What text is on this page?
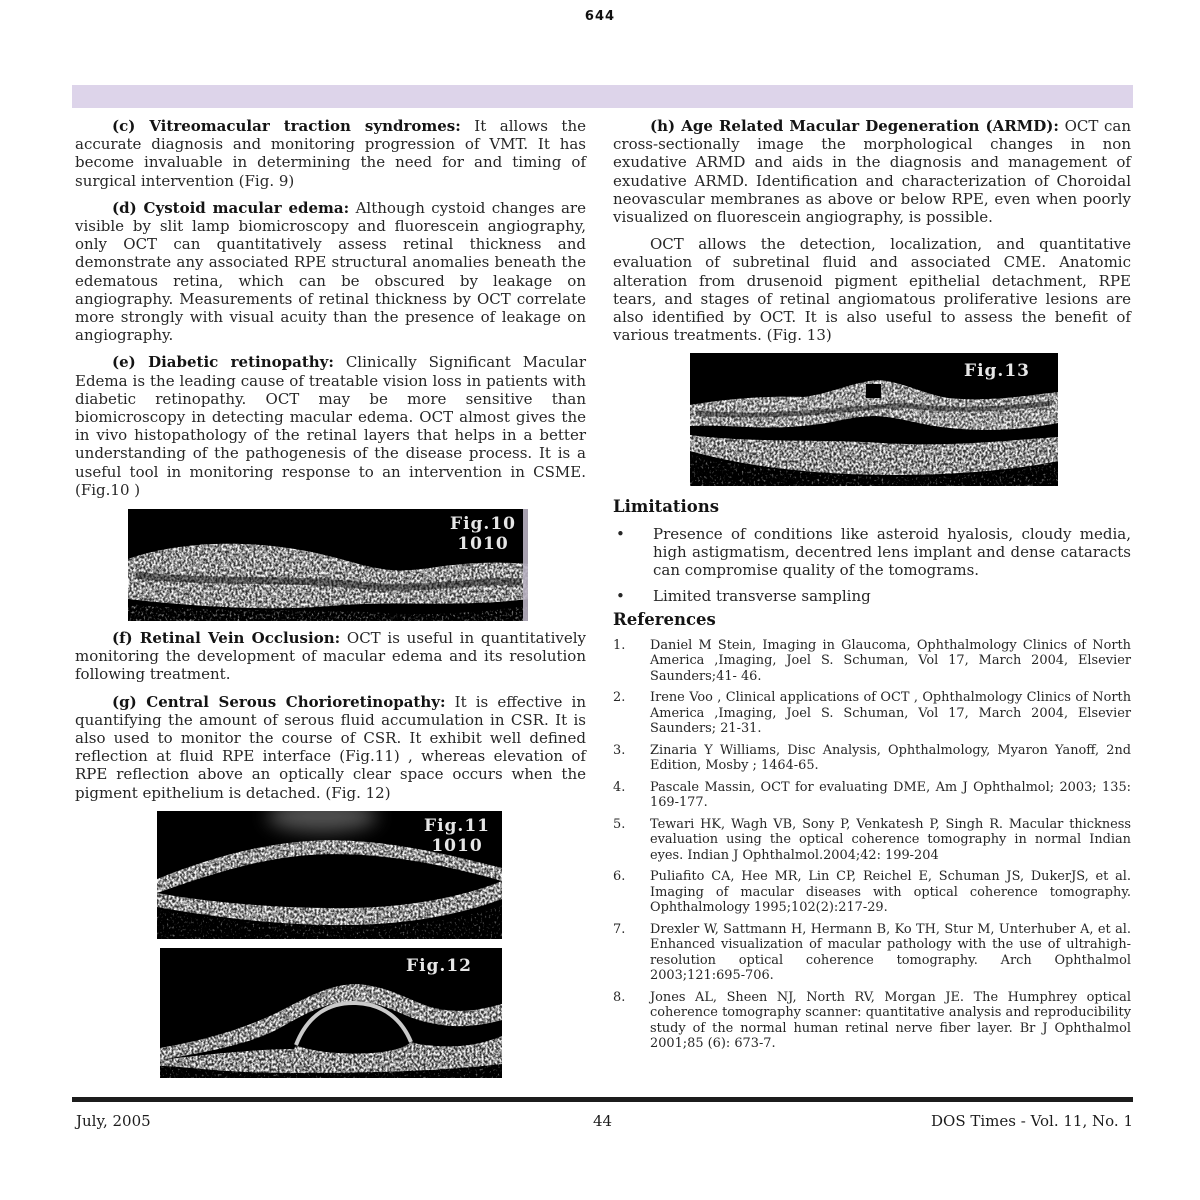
644

(c) Vitreomacular traction syndromes: It allows the accurate diagnosis and monitoring progression of VMT. It has become invaluable in determining the need for and timing of surgical intervention (Fig. 9)

(d) Cystoid macular edema: Although cystoid changes are visible by slit lamp biomicroscopy and fluorescein angiography, only OCT can quantitatively assess retinal thickness and demonstrate any associated RPE structural anomalies beneath the edematous retina, which can be obscured by leakage on angiography. Measurements of retinal thickness by OCT correlate more strongly with visual acuity than the presence of leakage on angiography.

(e) Diabetic retinopathy: Clinically Significant Macular Edema is the leading cause of treatable vision loss in patients with diabetic retinopathy. OCT may be more sensitive than biomicroscopy in detecting macular edema. OCT almost gives the in vivo histopathology of the retinal layers that helps in a better understanding of the pathogenesis of the disease process. It is a useful tool in monitoring response to an intervention in CSME. (Fig.10 )

Fig.10
1010

(f) Retinal Vein Occlusion: OCT is useful in quantitatively monitoring the development of macular edema and its resolution following treatment.

(g) Central Serous Chorioretinopathy: It is effective in quantifying the amount of serous fluid accumulation in CSR. It is also used to monitor the course of CSR. It exhibit well defined reflection at fluid RPE interface (Fig.11) , whereas elevation of RPE reflection above an optically clear space occurs when the pigment epithelium is detached. (Fig. 12)

Fig.11
1010
Fig.12

(h) Age Related Macular Degeneration (ARMD): OCT can cross-sectionally image the morphological changes in non exudative ARMD and aids in the diagnosis and management of exudative ARMD. Identification and characterization of Choroidal neovascular membranes as above or below RPE, even when poorly visualized on fluorescein angiography, is possible.

OCT allows the detection, localization, and quantitative evaluation of subretinal fluid and associated CME. Anatomic alteration from drusenoid pigment epithelial detachment, RPE tears, and stages of retinal angiomatous proliferative lesions are also identified by OCT. It is also useful to assess the benefit of various treatments. (Fig. 13)

Fig.13
Limitations
•	Presence of conditions like asteroid hyalosis, cloudy media, high astigmatism, decentred lens implant and dense cataracts can compromise quality of the tomograms.
•	Limited transverse sampling
References
1.	Daniel M Stein, Imaging in Glaucoma, Ophthalmology Clinics of North America ,Imaging, Joel S. Schuman, Vol 17, March 2004, Elsevier Saunders;41- 46.
2.	Irene Voo , Clinical applications of OCT , Ophthalmology Clinics of North America ,Imaging, Joel S. Schuman, Vol 17, March 2004, Elsevier Saunders; 21-31.
3.	Zinaria Y Williams, Disc Analysis, Ophthalmology, Myaron Yanoff, 2nd Edition, Mosby ; 1464-65.
4.	Pascale Massin, OCT for evaluating DME, Am J Ophthalmol; 2003; 135: 169-177.
5.	Tewari HK, Wagh VB, Sony P, Venkatesh P, Singh R. Macular thickness evaluation using the optical coherence tomography in normal Indian eyes. Indian J Ophthalmol.2004;42: 199-204
6.	Puliafito CA, Hee MR, Lin CP, Reichel E, Schuman JS, DukerJS, et al. Imaging of macular diseases with optical coherence tomography. Ophthalmology 1995;102(2):217-29.
7.	Drexler W, Sattmann H, Hermann B, Ko TH, Stur M, Unterhuber A, et al. Enhanced visualization of macular pathology with the use of ultrahigh-resolution optical coherence tomography. Arch Ophthalmol 2003;121:695-706.
8.	Jones AL, Sheen NJ, North RV, Morgan JE. The Humphrey optical coherence tomography scanner: quantitative analysis and reproducibility study of the normal human retinal nerve fiber layer. Br J Ophthalmol 2001;85 (6): 673-7.
July, 2005	44	DOS Times - Vol. 11, No. 1
